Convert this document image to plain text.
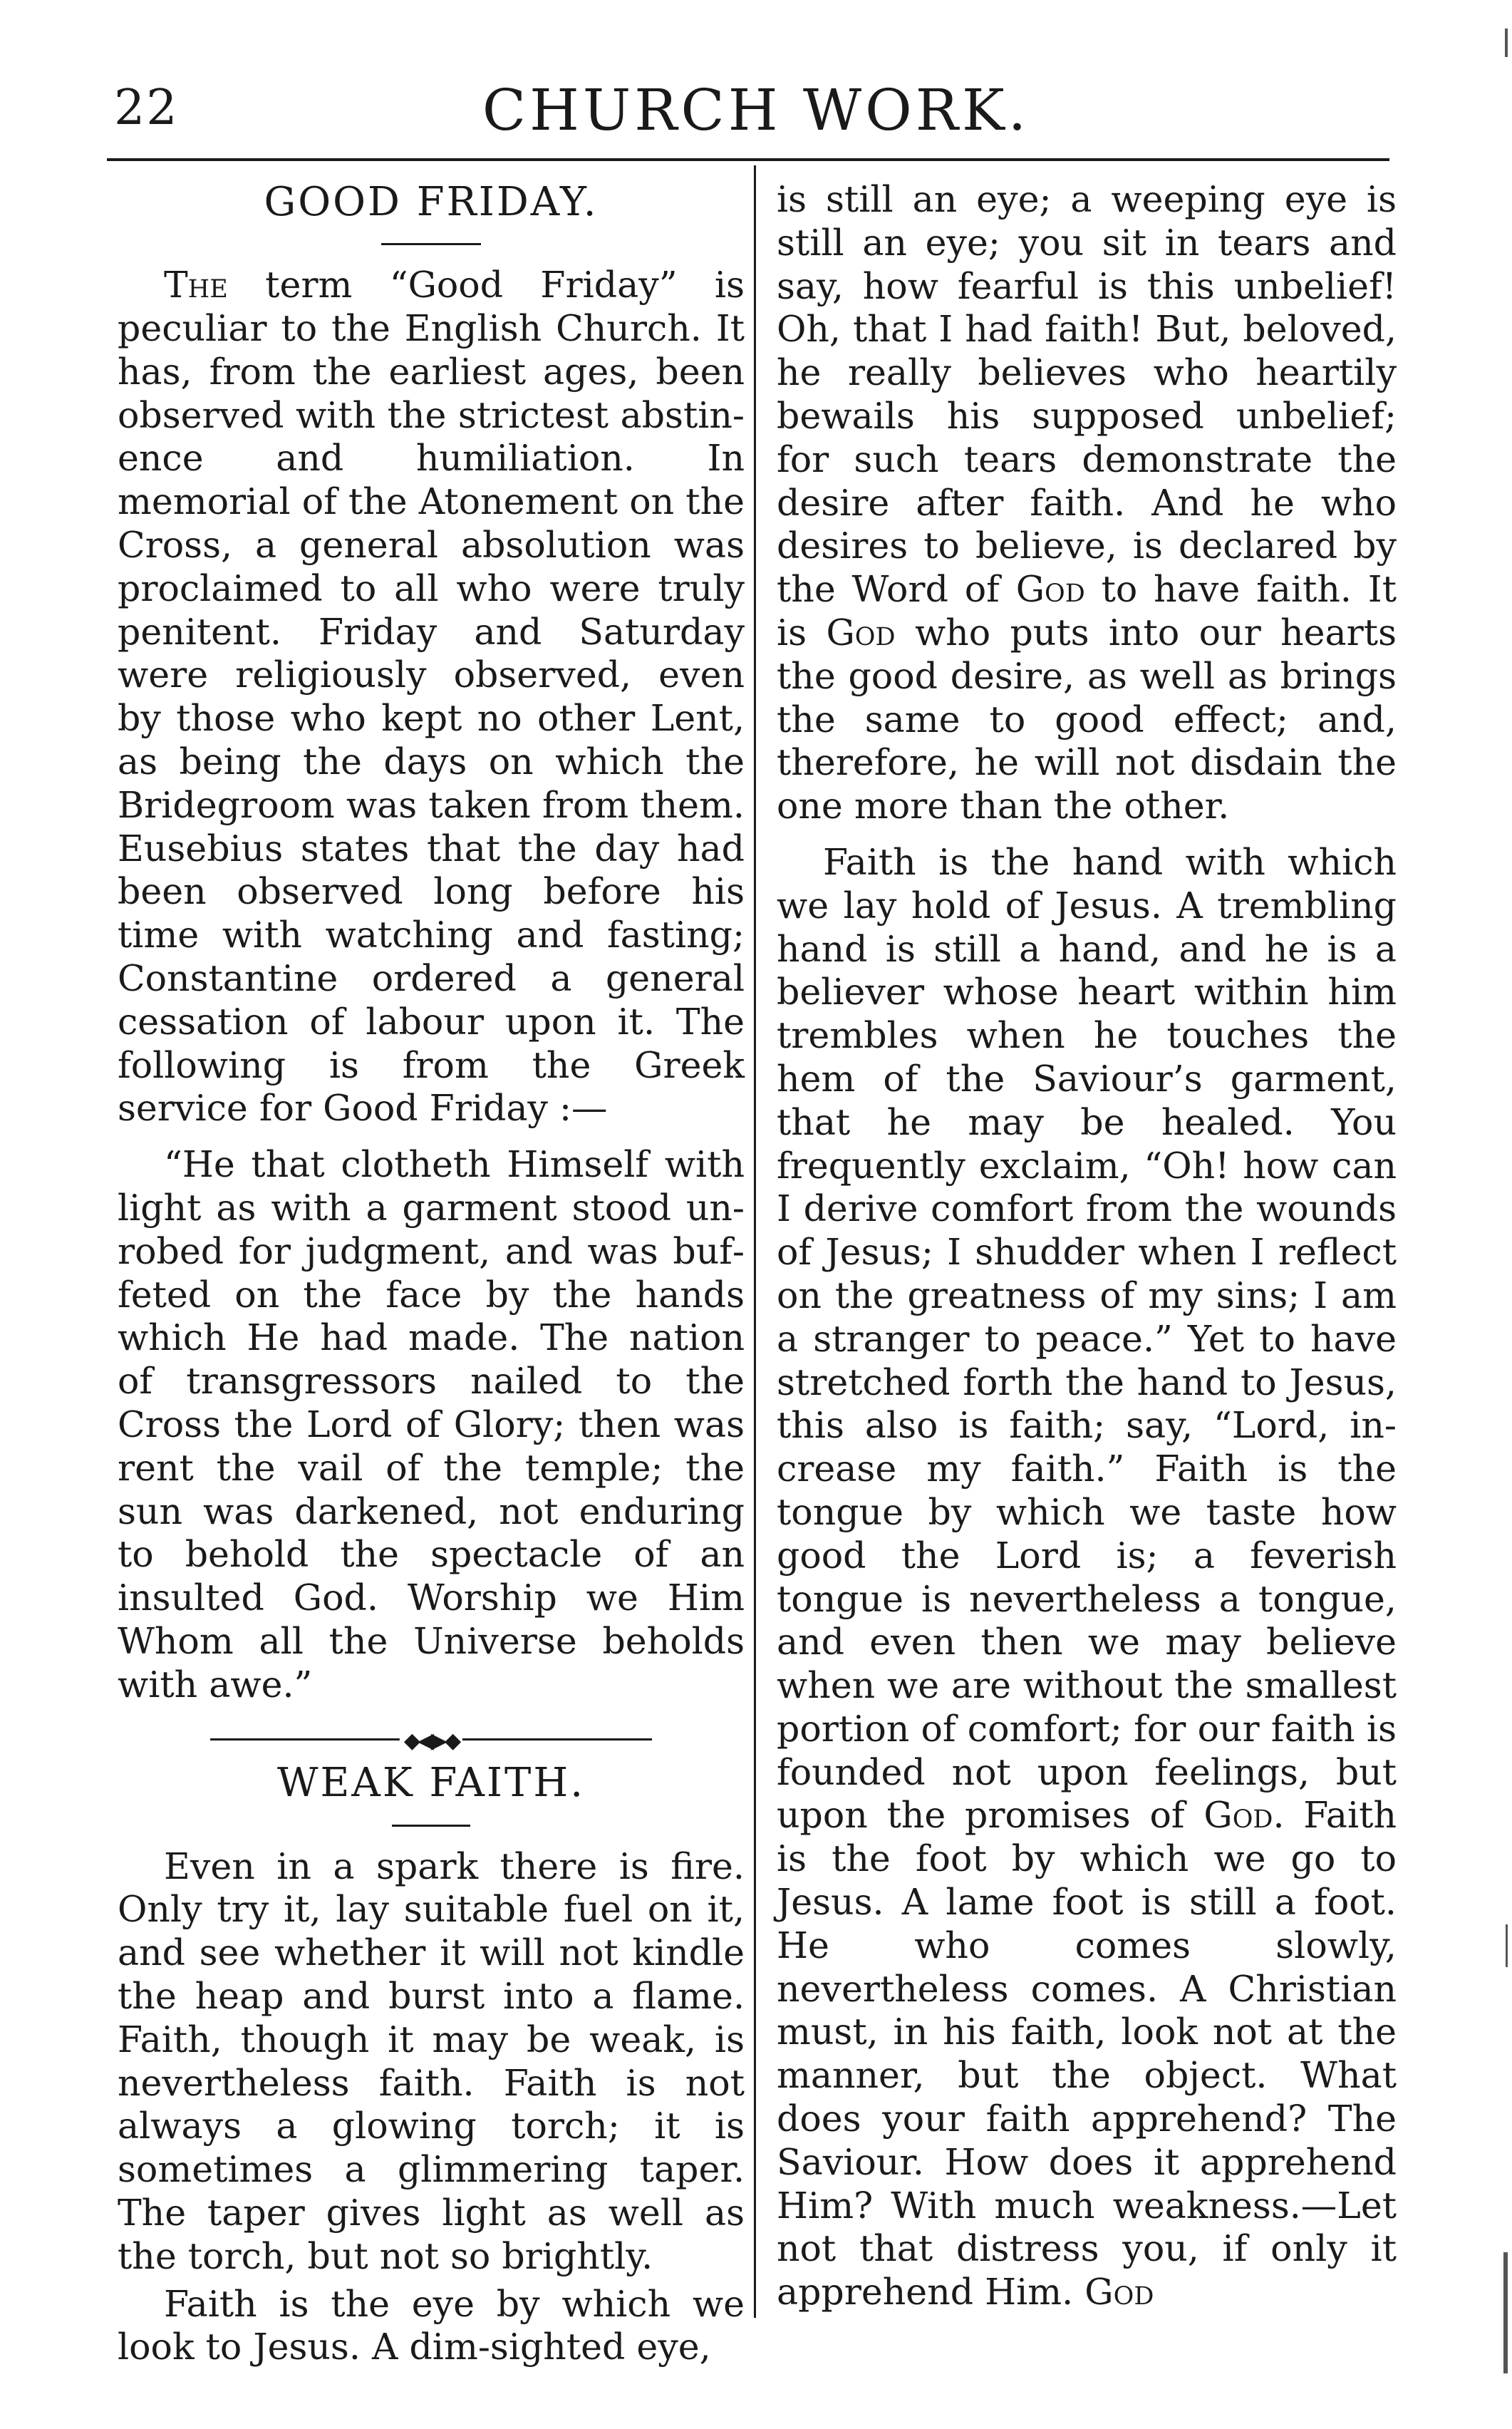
22	CHURCH WORK.
GOOD FRIDAY.

The term “Good Friday” is peculiar to the English Church. It has, from the earliest ages, been observed with the strictest abstinence and humiliation. In memorial of the Atonement on the Cross, a general absolution was proclaimed to all who were truly penitent. Friday and Saturday were religiously observed, even by those who kept no other Lent, as being the days on which the Bridegroom was taken from them. Eusebius states that the day had been observed long before his time with watching and fasting; Constantine ordered a general cessation of labour upon it. The following is from the Greek service for Good Friday :—

“He that clotheth Himself with light as with a garment stood unrobed for judgment, and was buffeted on the face by the hands which He had made. The nation of transgressors nailed to the Cross the Lord of Glory; then was rent the vail of the temple; the sun was darkened, not enduring to behold the spectacle of an insulted God. Worship we Him Whom all the Universe beholds with awe.”

◆◀▶◆
WEAK FAITH.

Even in a spark there is fire. Only try it, lay suitable fuel on it, and see whether it will not kindle the heap and burst into a flame. Faith, though it may be weak, is nevertheless faith. Faith is not always a glowing torch; it is sometimes a glimmering taper. The taper gives light as well as the torch, but not so brightly.

Faith is the eye by which we look to Jesus. A dim-sighted eye,

is still an eye; a weeping eye is still an eye; you sit in tears and say, how fearful is this unbelief! Oh, that I had faith! But, beloved, he really believes who heartily bewails his supposed unbelief; for such tears demonstrate the desire after faith. And he who desires to believe, is declared by the Word of God to have faith. It is God who puts into our hearts the good desire, as well as brings the same to good effect; and, therefore, he will not disdain the one more than the other.

Faith is the hand with which we lay hold of Jesus. A trembling hand is still a hand, and he is a believer whose heart within him trembles when he touches the hem of the Saviour’s garment, that he may be healed. You frequently exclaim, “Oh! how can I derive comfort from the wounds of Jesus; I shudder when I reflect on the greatness of my sins; I am a stranger to peace.” Yet to have stretched forth the hand to Jesus, this also is faith; say, “Lord, increase my faith.” Faith is the tongue by which we taste how good the Lord is; a feverish tongue is nevertheless a tongue, and even then we may believe when we are without the smallest portion of comfort; for our faith is founded not upon feelings, but upon the promises of God. Faith is the foot by which we go to Jesus. A lame foot is still a foot. He who comes slowly, nevertheless comes. A Christian must, in his faith, look not at the manner, but the object. What does your faith apprehend? The Saviour. How does it apprehend Him? With much weakness.—Let not that distress you, if only it apprehend Him. God
